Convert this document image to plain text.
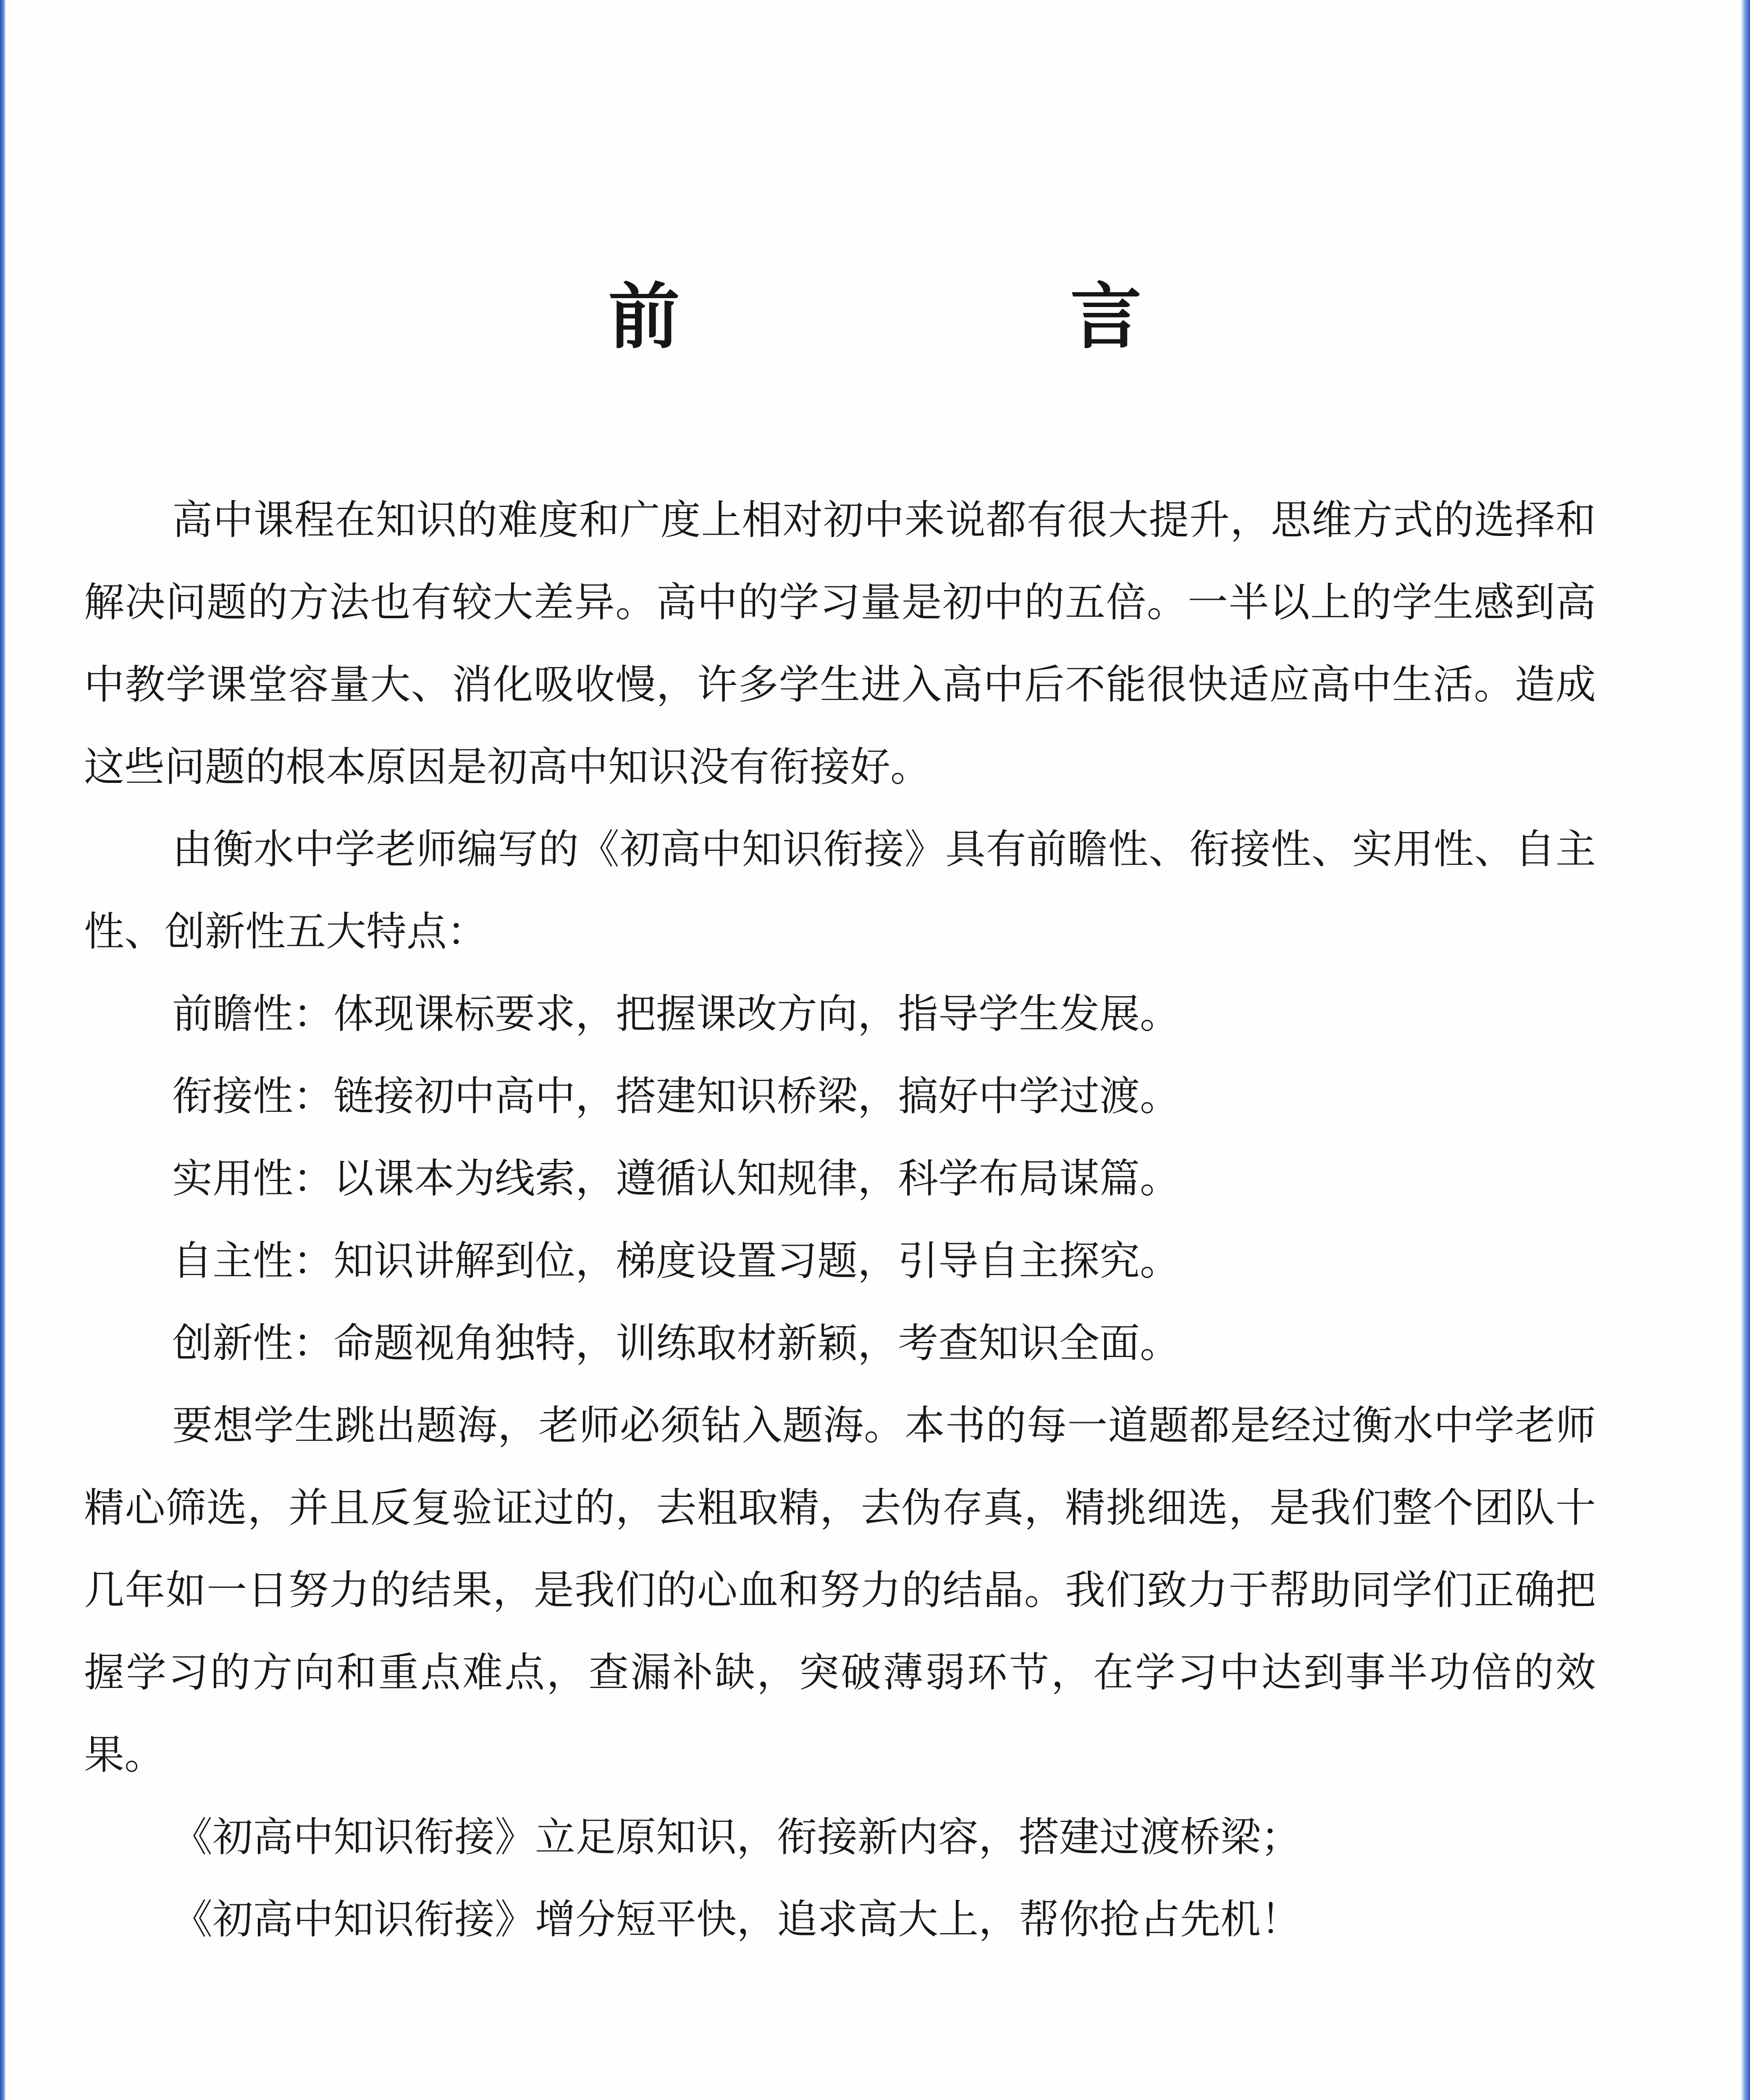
前　言

高中课程在知识的难度和广度上相对初中来说都有很大提升，思维方式的选择和解决问题的方法也有较大差异。高中的学习量是初中的五倍。一半以上的学生感到高中教学课堂容量大、消化吸收慢，许多学生进入高中后不能很快适应高中生活。造成这些问题的根本原因是初高中知识没有衔接好。

由衡水中学老师编写的《初高中知识衔接》具有前瞻性、衔接性、实用性、自主性、创新性五大特点：

前瞻性：体现课标要求，把握课改方向，指导学生发展。

衔接性：链接初中高中，搭建知识桥梁，搞好中学过渡。

实用性：以课本为线索，遵循认知规律，科学布局谋篇。

自主性：知识讲解到位，梯度设置习题，引导自主探究。

创新性：命题视角独特，训练取材新颖，考查知识全面。

要想学生跳出题海，老师必须钻入题海。本书的每一道题都是经过衡水中学老师精心筛选，并且反复验证过的，去粗取精，去伪存真，精挑细选，是我们整个团队十几年如一日努力的结果，是我们的心血和努力的结晶。我们致力于帮助同学们正确把握学习的方向和重点难点，查漏补缺，突破薄弱环节，在学习中达到事半功倍的效果。

《初高中知识衔接》立足原知识，衔接新内容，搭建过渡桥梁；

《初高中知识衔接》增分短平快，追求高大上，帮你抢占先机！
